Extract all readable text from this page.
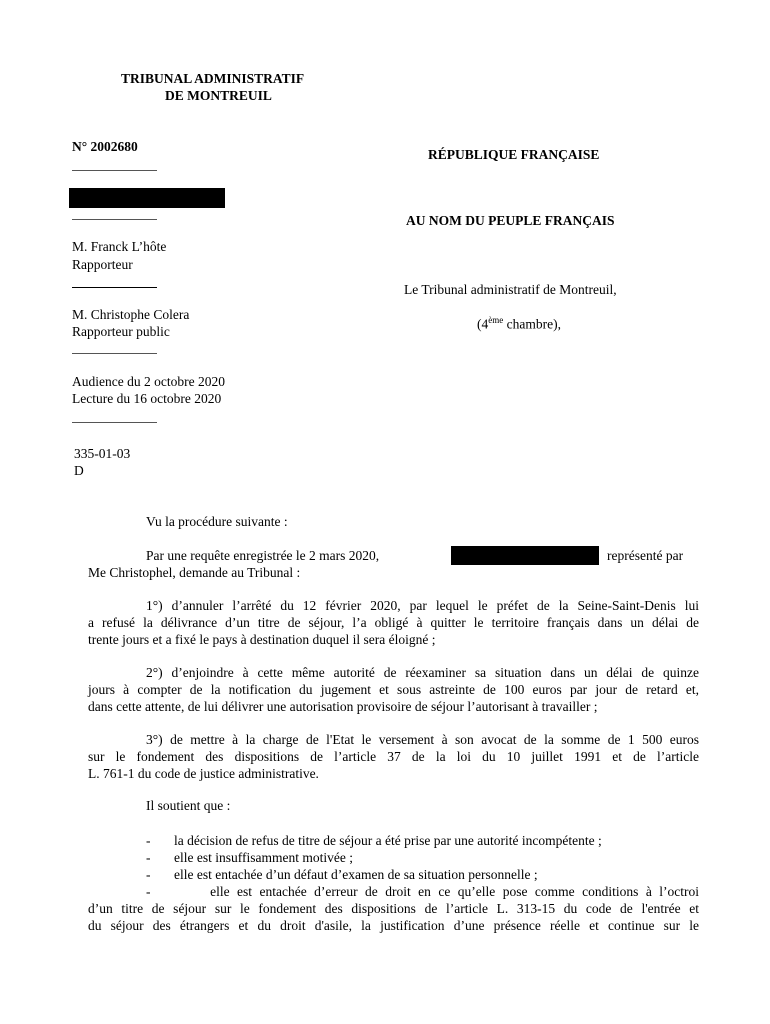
TRIBUNAL ADMINISTRATIF
DE MONTREUIL
N° 2002680
M. Franck L’hôte
Rapporteur
M. Christophe Colera
Rapporteur public
Audience du 2 octobre 2020
Lecture du 16 octobre 2020
335-01-03
D
RÉPUBLIQUE FRANÇAISE
AU NOM DU PEUPLE FRANÇAIS
Le Tribunal administratif de Montreuil,
(4ème chambre),
Vu la procédure suivante :
Par une requête enregistrée le 2 mars 2020,	représenté par
Me Christophel, demande au Tribunal :
1°) d’annuler l’arrêté du 12 février 2020, par lequel le préfet de la Seine-Saint-Denis lui
a refusé la délivrance d’un titre de séjour, l’a obligé à quitter le territoire français dans un délai de
trente jours et a fixé le pays à destination duquel il sera éloigné ;
2°) d’enjoindre à cette même autorité de réexaminer sa situation dans un délai de quinze
jours à compter de la notification du jugement et sous astreinte de 100 euros par jour de retard et,
dans cette attente, de lui délivrer une autorisation provisoire de séjour l’autorisant à travailler ;
3°) de mettre à la charge de l'Etat le versement à son avocat de la somme de 1 500 euros
sur le fondement des dispositions de l’article 37 de la loi du 10 juillet 1991 et de l’article
L. 761-1 du code de justice administrative.
Il soutient que :
- la décision de refus de titre de séjour a été prise par une autorité incompétente ;
- elle est insuffisamment motivée ;
- elle est entachée d’un défaut d’examen de sa situation personnelle ;
-        elle est entachée d’erreur de droit en ce qu’elle pose comme conditions à l’octroi
d’un titre de séjour sur le fondement des dispositions de l’article L. 313-15 du code de l'entrée et
du séjour des étrangers et du droit d'asile, la justification d’une présence réelle et continue sur le
